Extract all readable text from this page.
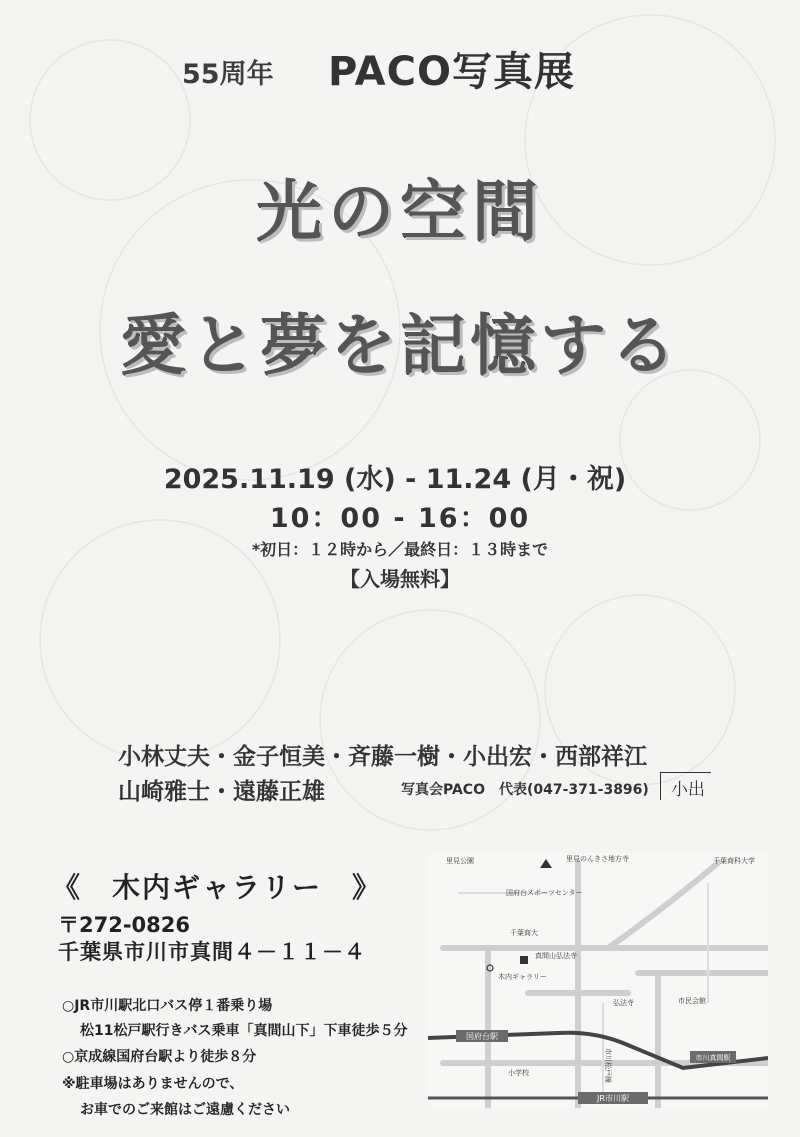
55周年 PACO写真展
光の空間
愛と夢を記憶する
2025.11.19 (水) - 11.24 (月・祝)
10：00 - 16：00
*初日：１２時から／最終日：１３時まで
【入場無料】
小林丈夫・金子恒美・斉藤一樹・小出宏・西部祥江
山崎雅士・遠藤正雄	写真会PACO　代表(047-371-3896)	小出
《　木内ギャラリー　》
〒272-0826
千葉県市川市真間４－１１－４
○JR市川駅北口バス停１番乗り場
松11松戸駅行きバス乗車「真間山下」下車徒歩５分
○京成線国府台駅より徒歩８分
※駐車場はありませんので、
お車でのご来館はご遠慮ください
国府台駅
市川真間駅
JR市川駅
里見公園	里見のんきさ地方寺	千葉商科大学
国府台スポーツセンター
千葉商大
木内ギャラリー
真間山弘法寺
弘法寺
小学校
市民会館
市川松戸線
